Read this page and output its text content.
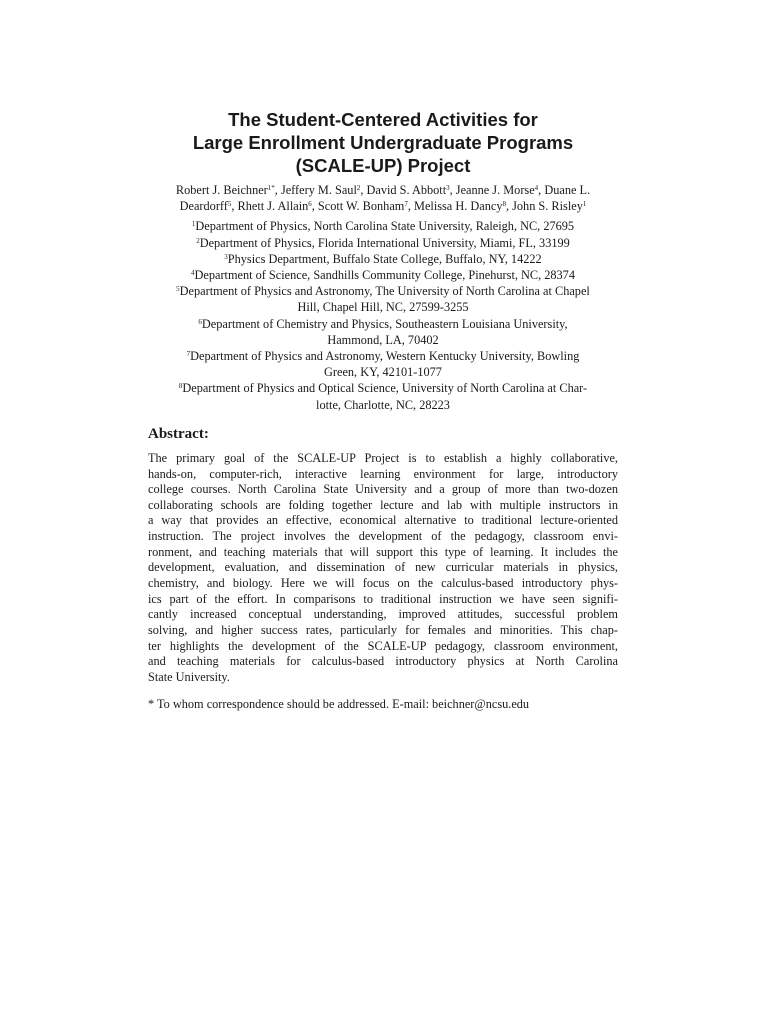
The Student-Centered Activities for
Large Enrollment Undergraduate Programs
(SCALE-UP) Project
Robert J. Beichner$^{1*}$, Jeffery M. Saul$^2$, David S. Abbott$^3$, Jeanne J. Morse$^4$, Duane L.
Deardorff$^5$, Rhett J. Allain$^6$, Scott W. Bonham$^7$, Melissa H. Dancy$^8$, John S. Risley$^1$
$^1$Department of Physics, North Carolina State University, Raleigh, NC, 27695
$^2$Department of Physics, Florida International University, Miami, FL, 33199
$^3$Physics Department, Buffalo State College, Buffalo, NY, 14222
$^4$Department of Science, Sandhills Community College, Pinehurst, NC, 28374
$^5$Department of Physics and Astronomy, The University of North Carolina at Chapel
Hill, Chapel Hill, NC, 27599-3255
$^6$Department of Chemistry and Physics, Southeastern Louisiana University,
Hammond, LA, 70402
$^7$Department of Physics and Astronomy, Western Kentucky University, Bowling
Green, KY, 42101-1077
$^8$Department of Physics and Optical Science, University of North Carolina at Char-
lotte, Charlotte, NC, 28223
Abstract:

The primary goal of the SCALE-UP Project is to establish a highly collaborative,
hands-on, computer-rich, interactive learning environment for large, introductory
college courses. North Carolina State University and a group of more than two-dozen
collaborating schools are folding together lecture and lab with multiple instructors in
a way that provides an effective, economical alternative to traditional lecture-oriented
instruction. The project involves the development of the pedagogy, classroom envi-
ronment, and teaching materials that will support this type of learning. It includes the
development, evaluation, and dissemination of new curricular materials in physics,
chemistry, and biology. Here we will focus on the calculus-based introductory phys-
ics part of the effort. In comparisons to traditional instruction we have seen signifi-
cantly increased conceptual understanding, improved attitudes, successful problem
solving, and higher success rates, particularly for females and minorities. This chap-
ter highlights the development of the SCALE-UP pedagogy, classroom environment,
and teaching materials for calculus-based introductory physics at North Carolina
State University.

* To whom correspondence should be addressed. E-mail: beichner@ncsu.edu
